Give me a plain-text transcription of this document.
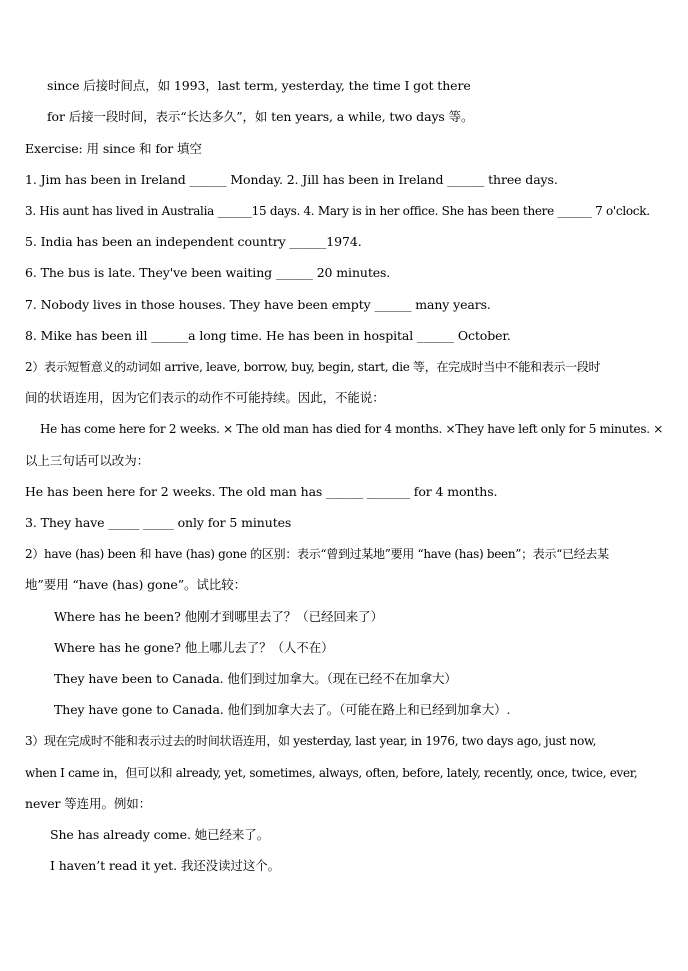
since 后接时间点，如 1993，last term, yesterday, the time I got there
for 后接一段时间，表示“长达多久”，如 ten years, a while, two days 等。
Exercise: 用 since 和 for 填空
1. Jim has been in Ireland ______ Monday. 2. Jill has been in Ireland ______ three days.
3. His aunt has lived in Australia ______15 days. 4. Mary is in her office. She has been there ______ 7 o'clock.
5. India has been an independent country ______1974.
6. The bus is late. They've been waiting ______ 20 minutes.
7. Nobody lives in those houses. They have been empty ______ many years.
8. Mike has been ill ______a long time. He has been in hospital ______ October.
2）表示短暂意义的动词如 arrive, leave, borrow, buy, begin, start, die 等，在完成时当中不能和表示一段时
间的状语连用，因为它们表示的动作不可能持续。因此，不能说：
He has come here for 2 weeks. × The old man has died for 4 months. ×They have left only for 5 minutes. ×
以上三句话可以改为：
He has been here for 2 weeks. The old man has ______ _______ for 4 months.
3. They have _____ _____ only for 5 minutes
2）have (has) been 和 have (has) gone 的区别：表示“曾到过某地”要用 “have (has) been”；表示“已经去某
地”要用 “have (has) gone”。试比较：
Where has he been? 他刚才到哪里去了？（已经回来了）
Where has he gone? 他上哪儿去了？（人不在）
They have been to Canada. 他们到过加拿大。（现在已经不在加拿大）
They have gone to Canada. 他们到加拿大去了。（可能在路上和已经到加拿大）.
3）现在完成时不能和表示过去的时间状语连用，如 yesterday, last year, in 1976, two days ago, just now,
when I came in，但可以和 already, yet, sometimes, always, often, before, lately, recently, once, twice, ever,
never 等连用。例如：
She has already come. 她已经来了。
I haven’t read it yet. 我还没读过这个。
